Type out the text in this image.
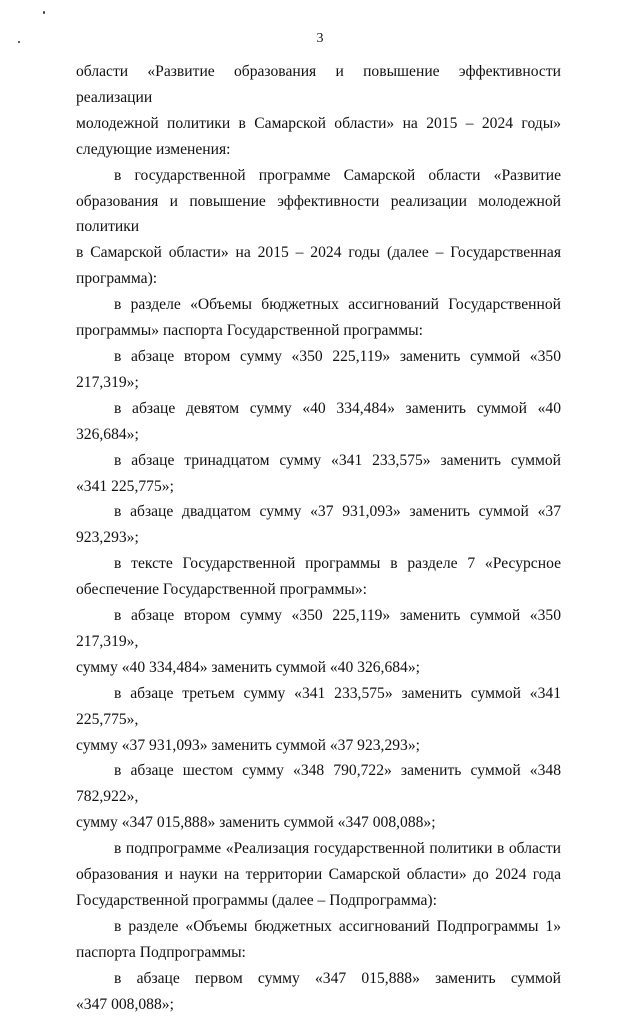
3

области «Развитие образования и повышение эффективности реализации

молодежной политики в Самарской области» на 2015 – 2024 годы»

следующие изменения:

в государственной программе Самарской области «Развитие

образования и повышение эффективности реализации молодежной политики

в Самарской области» на 2015 – 2024 годы (далее – Государственная

программа):

в разделе «Объемы бюджетных ассигнований Государственной

программы» паспорта Государственной программы:

в абзаце втором сумму «350 225,119» заменить суммой «350 217,319»;

в абзаце девятом сумму «40 334,484» заменить суммой «40 326,684»;

в абзаце тринадцатом сумму «341 233,575» заменить суммой

«341 225,775»;

в абзаце двадцатом сумму «37 931,093» заменить суммой «37 923,293»;

в тексте Государственной программы в разделе 7 «Ресурсное

обеспечение Государственной программы»:

в абзаце втором сумму «350 225,119» заменить суммой «350 217,319»,

сумму «40 334,484» заменить суммой «40 326,684»;

в абзаце третьем сумму «341 233,575» заменить суммой «341 225,775»,

сумму «37 931,093» заменить суммой «37 923,293»;

в абзаце шестом сумму «348 790,722» заменить суммой «348 782,922»,

сумму «347 015,888» заменить суммой «347 008,088»;

в подпрограмме «Реализация государственной политики в области

образования и науки на территории Самарской области» до 2024 года

Государственной программы (далее – Подпрограмма):

в разделе «Объемы бюджетных ассигнований Подпрограммы 1»

паспорта Подпрограммы:

в абзаце первом сумму «347 015,888» заменить суммой

«347 008,088»;
